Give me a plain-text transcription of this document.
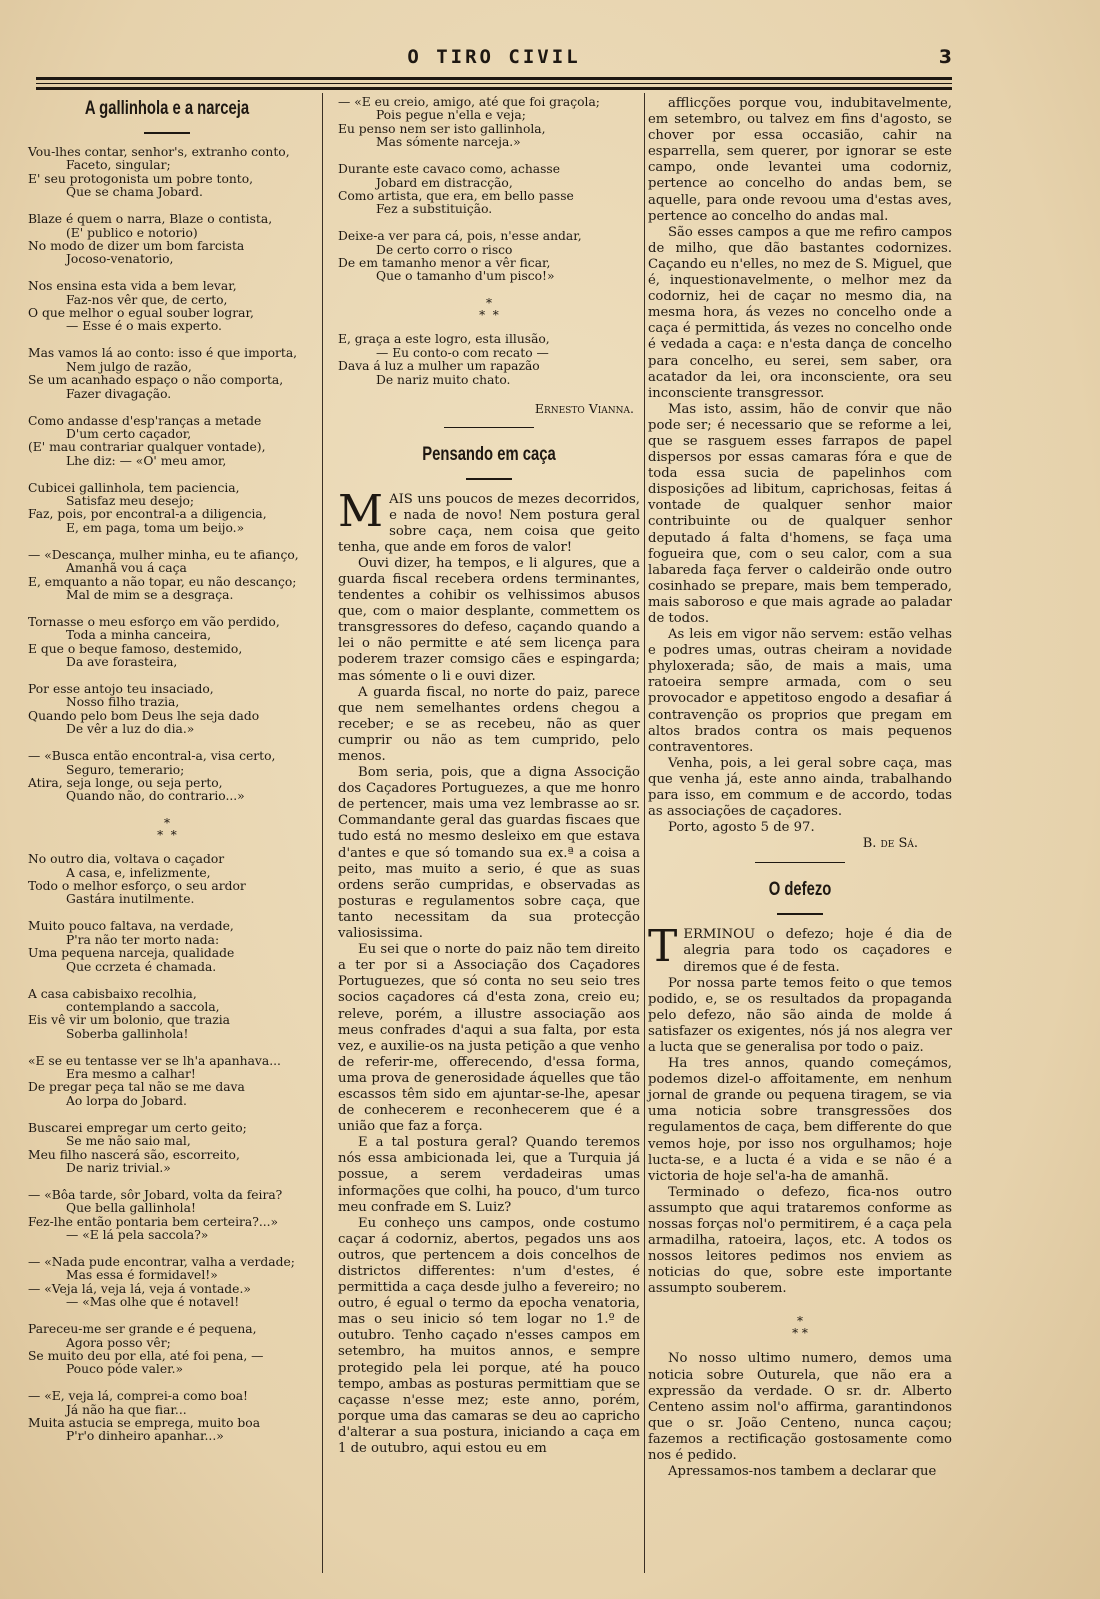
O TIRO CIVIL	3
A gallinhola e a narceja
Vou-lhes contar, senhor's, extranho conto,
Faceto, singular;
E' seu protogonista um pobre tonto,
Que se chama Jobard.
Blaze é quem o narra, Blaze o contista,
(E' publico e notorio)
No modo de dizer um bom farcista
Jocoso-venatorio,
Nos ensina esta vida a bem levar,
Faz-nos vêr que, de certo,
O que melhor o egual souber lograr,
— Esse é o mais experto.
Mas vamos lá ao conto: isso é que importa,
Nem julgo de razão,
Se um acanhado espaço o não comporta,
Fazer divagação.
Como andasse d'esp'ranças a metade
D'um certo caçador,
(E' mau contrariar qualquer vontade),
Lhe diz: — «O' meu amor,
Cubicei gallinhola, tem paciencia,
Satisfaz meu desejo;
Faz, pois, por encontral-a a diligencia,
E, em paga, toma um beijo.»
— «Descança, mulher minha, eu te afianço,
Amanhã vou á caça
E, emquanto a não topar, eu não descanço;
Mal de mim se a desgraça.
Tornasse o meu esforço em vão perdido,
Toda a minha canceira,
E que o beque famoso, destemido,
Da ave forasteira,
Por esse antojo teu insaciado,
Nosso filho trazia,
Quando pelo bom Deus lhe seja dado
De vêr a luz do dia.»
— «Busca então encontral-a, visa certo,
Seguro, temerario;
Atira, seja longe, ou seja perto,
Quando não, do contrario...»
*
*  *
No outro dia, voltava o caçador
A casa, e, infelizmente,
Todo o melhor esforço, o seu ardor
Gastára inutilmente.
Muito pouco faltava, na verdade,
P'ra não ter morto nada:
Uma pequena narceja, qualidade
Que ccrzeta é chamada.
A casa cabisbaixo recolhia,
contemplando a saccola,
Eis vê vir um bolonio, que trazia
Soberba gallinhola!
«E se eu tentasse ver se lh'a apanhava...
Era mesmo a calhar!
De pregar peça tal não se me dava
Ao lorpa do Jobard.
Buscarei empregar um certo geito;
Se me não saio mal,
Meu filho nascerá são, escorreito,
De nariz trivial.»
— «Bôa tarde, sôr Jobard, volta da feira?
Que bella gallinhola!
Fez-lhe então pontaria bem certeira?...»
— «E lá pela saccola?»
— «Nada pude encontrar, valha a verdade;
Mas essa é formidavel!»
— «Veja lá, veja lá, veja á vontade.»
— «Mas olhe que é notavel!
Pareceu-me ser grande e é pequena,
Agora posso vêr;
Se muito deu por ella, até foi pena, —
Pouco póde valer.»
— «E, veja lá, comprei-a como boa!
Já não ha que fiar...
Muita astucia se emprega, muito boa
P'r'o dinheiro apanhar...»
— «E eu creio, amigo, até que foi graçola;
Pois pegue n'ella e veja;
Eu penso nem ser isto gallinhola,
Mas sómente narceja.»
Durante este cavaco como, achasse
Jobard em distracção,
Como artista, que era, em bello passe
Fez a substituição.
Deixe-a ver para cá, pois, n'esse andar,
De certo corro o risco
De em tamanho menor a vêr ficar,
Que o tamanho d'um pisco!»
*
*  *
E, graça a este logro, esta illusão,
— Eu conto-o com recato —
Dava á luz a mulher um rapazão
De nariz muito chato.
Ernesto Vianna.
Pensando em caça

MAIS uns poucos de mezes decorridos, e nada de novo! Nem postura geral sobre caça, nem coisa que geito tenha, que ande em foros de valor!

Ouvi dizer, ha tempos, e li algures, que a guarda fiscal recebera ordens terminantes, tendentes a cohibir os velhissimos abusos que, com o maior desplante, commettem os transgressores do defeso, caçando quando a lei o não permitte e até sem licença para poderem trazer comsigo cães e espingarda; mas sómente o li e ouvi dizer.

A guarda fiscal, no norte do paiz, parece que nem semelhantes ordens chegou a receber; e se as recebeu, não as quer cumprir ou não as tem cumprido, pelo menos.

Bom seria, pois, que a digna Associção dos Caçadores Portuguezes, a que me honro de pertencer, mais uma vez lembrasse ao sr. Commandante geral das guardas fiscaes que tudo está no mesmo desleixo em que estava d'antes e que só tomando sua ex.ª a coisa a peito, mas muito a serio, é que as suas ordens serão cumpridas, e observadas as posturas e regulamentos sobre caça, que tanto necessitam da sua protecção valiosissima.

Eu sei que o norte do paiz não tem direito a ter por si a Associação dos Caçadores Portuguezes, que só conta no seu seio tres socios caçadores cá d'esta zona, creio eu; releve, porém, a illustre associação aos meus confrades d'aqui a sua falta, por esta vez, e auxilie-os na justa petição a que venho de referir-me, offerecendo, d'essa forma, uma prova de generosidade áquelles que tão escassos têm sido em ajuntar-se-lhe, apesar de conhecerem e reconhecerem que é a união que faz a força.

E a tal postura geral? Quando teremos nós essa ambicionada lei, que a Turquia já possue, a serem verdadeiras umas informações que colhi, ha pouco, d'um turco meu confrade em S. Luiz?

Eu conheço uns campos, onde costumo caçar á codorniz, abertos, pegados uns aos outros, que pertencem a dois concelhos de districtos differentes: n'um d'estes, é permittida a caça desde julho a fevereiro; no outro, é egual o termo da epocha venatoria, mas o seu inicio só tem logar no 1.º de outubro. Tenho caçado n'esses campos em setembro, ha muitos annos, e sempre protegido pela lei porque, até ha pouco tempo, ambas as posturas permittiam que se caçasse n'esse mez; este anno, porém, porque uma das camaras se deu ao capricho d'alterar a sua postura, iniciando a caça em 1 de outubro, aqui estou eu em

afflicções porque vou, indubitavelmente, em setembro, ou talvez em fins d'agosto, se chover por essa occasião, cahir na esparrella, sem querer, por ignorar se este campo, onde levantei uma codorniz, pertence ao concelho do andas bem, se aquelle, para onde revoou uma d'estas aves, pertence ao concelho do andas mal.

São esses campos a que me refiro campos de milho, que dão bastantes codornizes. Caçando eu n'elles, no mez de S. Miguel, que é, inquestionavelmente, o melhor mez da codorniz, hei de caçar no mesmo dia, na mesma hora, ás vezes no concelho onde a caça é permittida, ás vezes no concelho onde é vedada a caça: e n'esta dança de concelho para concelho, eu serei, sem saber, ora acatador da lei, ora inconsciente, ora seu inconsciente transgressor.

Mas isto, assim, hão de convir que não pode ser; é necessario que se reforme a lei, que se rasguem esses farrapos de papel dispersos por essas camaras fóra e que de toda essa sucia de papelinhos com disposições ad libitum, caprichosas, feitas á vontade de qualquer senhor maior contribuinte ou de qualquer senhor deputado á falta d'homens, se faça uma fogueira que, com o seu calor, com a sua labareda faça ferver o caldeirão onde outro cosinhado se prepare, mais bem temperado, mais saboroso e que mais agrade ao paladar de todos.

As leis em vigor não servem: estão velhas e podres umas, outras cheiram a novidade phyloxerada; são, de mais a mais, uma ratoeira sempre armada, com o seu provocador e appetitoso engodo a desafiar á contravenção os proprios que pregam em altos brados contra os mais pequenos contraventores.

Venha, pois, a lei geral sobre caça, mas que venha já, este anno ainda, trabalhando para isso, em commum e de accordo, todas as associações de caçadores.

Porto, agosto 5 de 97.

B. de Sá.
O defezo

TERMINOU o defezo; hoje é dia de alegria para todo os caçadores e diremos que é de festa.

Por nossa parte temos feito o que temos podido, e, se os resultados da propaganda pelo defezo, não são ainda de molde á satisfazer os exigentes, nós já nos alegra ver a lucta que se generalisa por todo o paiz.

Ha tres annos, quando começámos, podemos dizel-o affoitamente, em nenhum jornal de grande ou pequena tiragem, se via uma noticia sobre transgressões dos regulamentos de caça, bem differente do que vemos hoje, por isso nos orgulhamos; hoje lucta-se, e a lucta é a vida e se não é a victoria de hoje sel'a-ha de amanhã.

Terminado o defezo, fica-nos outro assumpto que aqui trataremos conforme as nossas forças nol'o permitirem, é a caça pela armadilha, ratoeira, laços, etc. A todos os nossos leitores pedimos nos enviem as noticias do que, sobre este importante assumpto souberem.

*
* *

No nosso ultimo numero, demos uma noticia sobre Outurela, que não era a expressão da verdade. O sr. dr. Alberto Centeno assim nol'o affirma, garantindonos que o sr. João Centeno, nunca caçou; fazemos a rectificação gostosamente como nos é pedido.

Apressamos-nos tambem a declarar que
